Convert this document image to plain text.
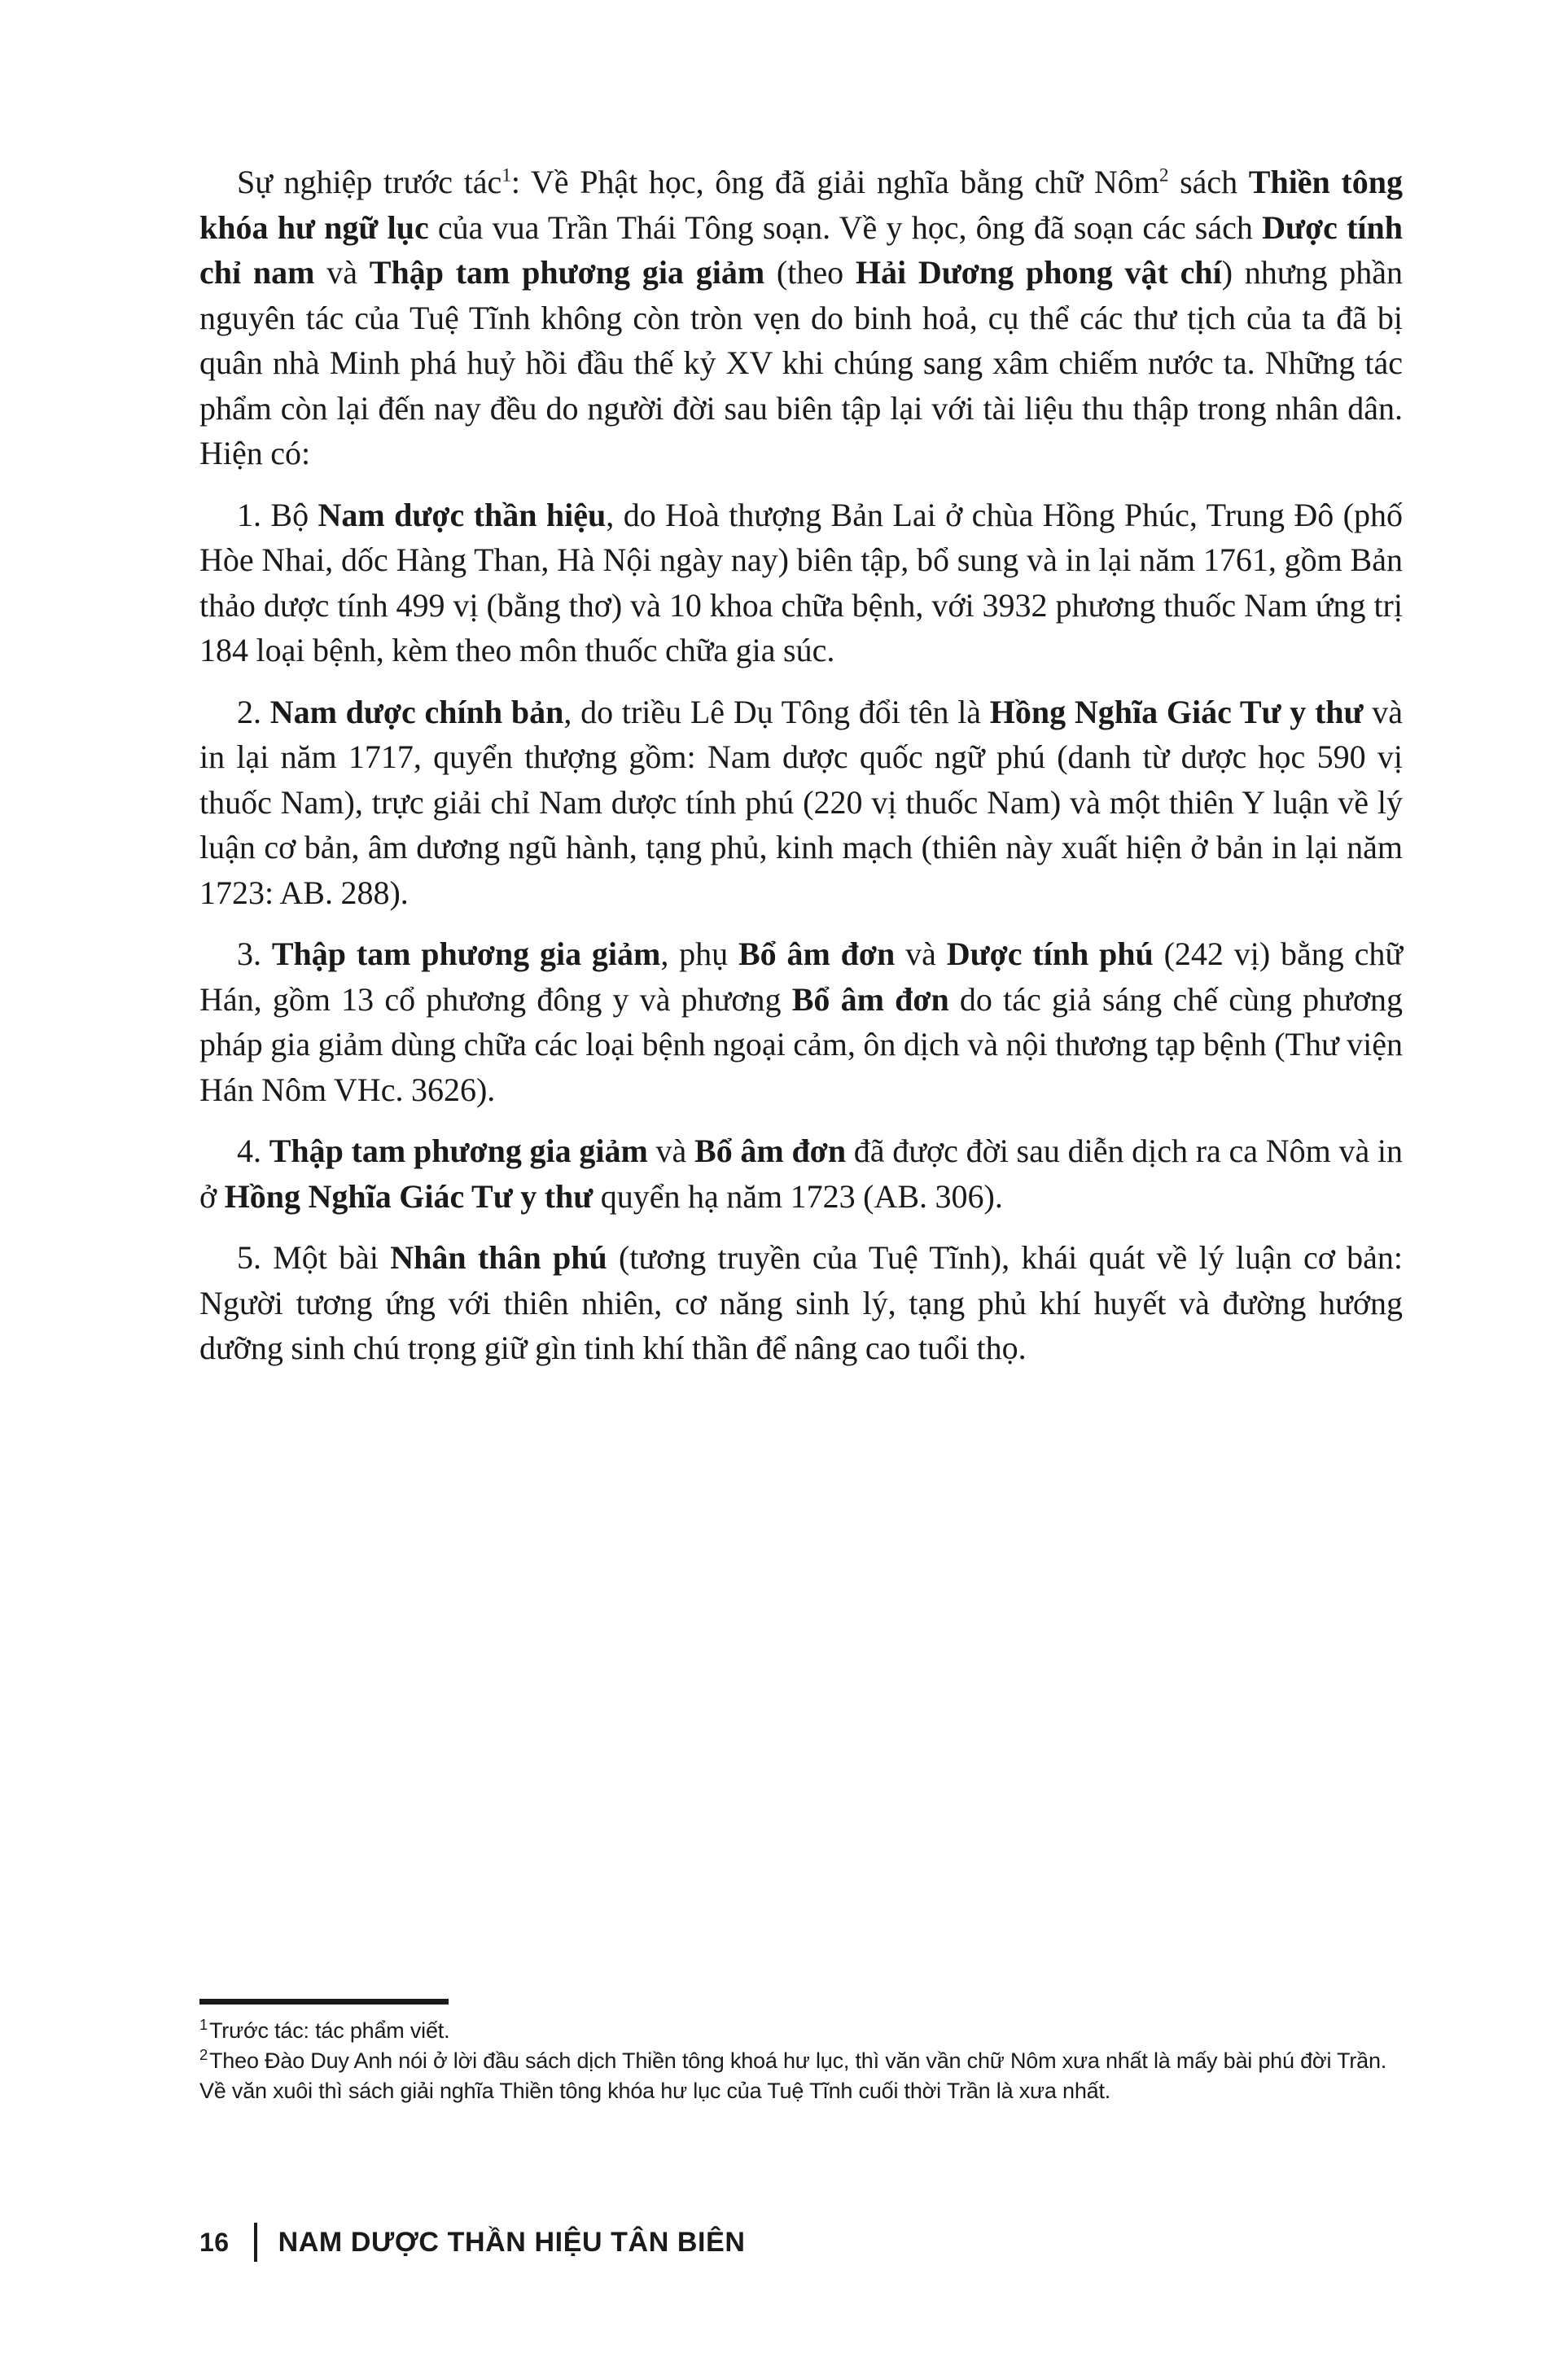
Sự nghiệp trước tác$^1$: Về Phật học, ông đã giải nghĩa bằng chữ Nôm$^2$ sách Thiền tông khóa hư ngữ lục của vua Trần Thái Tông soạn. Về y học, ông đã soạn các sách Dược tính chỉ nam và Thập tam phương gia giảm (theo Hải Dương phong vật chí) nhưng phần nguyên tác của Tuệ Tĩnh không còn tròn vẹn do binh hoả, cụ thể các thư tịch của ta đã bị quân nhà Minh phá huỷ hồi đầu thế kỷ XV khi chúng sang xâm chiếm nước ta. Những tác phẩm còn lại đến nay đều do người đời sau biên tập lại với tài liệu thu thập trong nhân dân. Hiện có:

1. Bộ Nam dược thần hiệu, do Hoà thượng Bản Lai ở chùa Hồng Phúc, Trung Đô (phố Hòe Nhai, dốc Hàng Than, Hà Nội ngày nay) biên tập, bổ sung và in lại năm 1761, gồm Bản thảo dược tính 499 vị (bằng thơ) và 10 khoa chữa bệnh, với 3932 phương thuốc Nam ứng trị 184 loại bệnh, kèm theo môn thuốc chữa gia súc.

2. Nam dược chính bản, do triều Lê Dụ Tông đổi tên là Hồng Nghĩa Giác Tư y thư và in lại năm 1717, quyển thượng gồm: Nam dược quốc ngữ phú (danh từ dược học 590 vị thuốc Nam), trực giải chỉ Nam dược tính phú (220 vị thuốc Nam) và một thiên Y luận về lý luận cơ bản, âm dương ngũ hành, tạng phủ, kinh mạch (thiên này xuất hiện ở bản in lại năm 1723: AB. 288).

3. Thập tam phương gia giảm, phụ Bổ âm đơn và Dược tính phú (242 vị) bằng chữ Hán, gồm 13 cổ phương đông y và phương Bổ âm đơn do tác giả sáng chế cùng phương pháp gia giảm dùng chữa các loại bệnh ngoại cảm, ôn dịch và nội thương tạp bệnh (Thư viện Hán Nôm VHc. 3626).

4. Thập tam phương gia giảm và Bổ âm đơn đã được đời sau diễn dịch ra ca Nôm và in ở Hồng Nghĩa Giác Tư y thư quyển hạ năm 1723 (AB. 306).

5. Một bài Nhân thân phú (tương truyền của Tuệ Tĩnh), khái quát về lý luận cơ bản: Người tương ứng với thiên nhiên, cơ năng sinh lý, tạng phủ khí huyết và đường hướng dưỡng sinh chú trọng giữ gìn tinh khí thần để nâng cao tuổi thọ.

$^1$Trước tác: tác phẩm viết.

$^2$Theo Đào Duy Anh nói ở lời đầu sách dịch Thiền tông khoá hư lục, thì văn vần chữ Nôm xưa nhất là mấy bài phú đời Trần. Về văn xuôi thì sách giải nghĩa Thiền tông khóa hư lục của Tuệ Tĩnh cuối thời Trần là xưa nhất.

16 NAM DƯỢC THẦN HIỆU TÂN BIÊN
